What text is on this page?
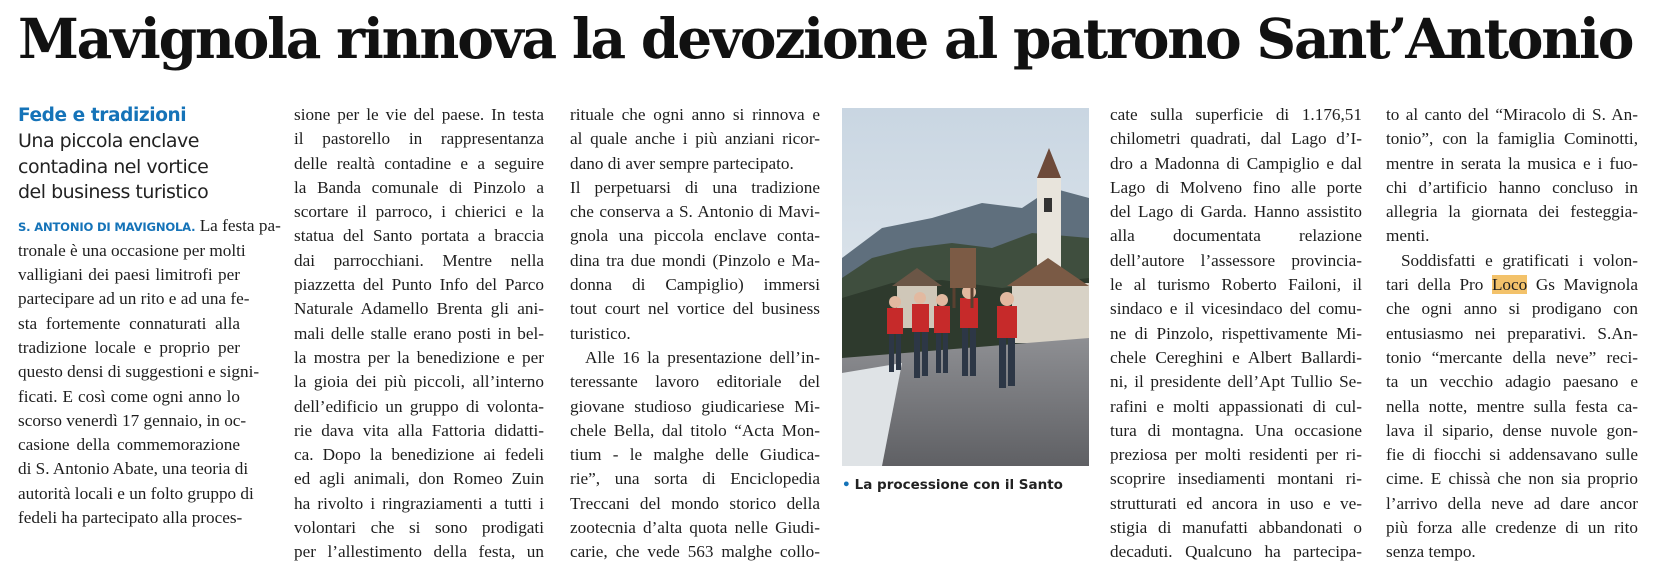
Mavignola rinnova la devozione al patrono Sant’Antonio
Fede e tradizioni
Una piccola enclave
contadina nel vortice
del business turistico

S. ANTONIO DI MAVIGNOLA. La festa pa-
tronale è una occasione per molti
valligiani dei paesi limitrofi per
partecipare ad un rito e ad una fe-
sta fortemente connaturati alla
tradizione locale e proprio per
questo densi di suggestioni e signi-
ficati. E così come ogni anno lo
scorso venerdì 17 gennaio, in oc-
casione della commemorazione
di S. Antonio Abate, una teoria di
autorità locali e un folto gruppo di
fedeli ha partecipato alla proces-

sione per le vie del paese. In testa
il pastorello in rappresentanza
delle realtà contadine e a seguire
la Banda comunale di Pinzolo a
scortare il parroco, i chierici e la
statua del Santo portata a braccia
dai parrocchiani. Mentre nella
piazzetta del Punto Info del Parco
Naturale Adamello Brenta gli ani-
mali delle stalle erano posti in bel-
la mostra per la benedizione e per
la gioia dei più piccoli, all’interno
dell’edificio un gruppo di volonta-
rie dava vita alla Fattoria didatti-
ca. Dopo la benedizione ai fedeli
ed agli animali, don Romeo Zuin
ha rivolto i ringraziamenti a tutti i
volontari che si sono prodigati
per l’allestimento della festa, un

rituale che ogni anno si rinnova e
al quale anche i più anziani ricor-
dano di aver sempre partecipato.
Il perpetuarsi di una tradizione
che conserva a S. Antonio di Mavi-
gnola una piccola enclave conta-
dina tra due mondi (Pinzolo e Ma-
donna di Campiglio) immersi
tout court nel vortice del business
turistico.

Alle 16 la presentazione dell’in-

teressante lavoro editoriale del
giovane studioso giudicariese Mi-
chele Bella, dal titolo “Acta Mon-
tium - le malghe delle Giudica-
rie”, una sorta di Enciclopedia
Treccani del mondo storico della
zootecnia d’alta quota nelle Giudi-
carie, che vede 563 malghe collo-

• La processione con il Santo

cate sulla superficie di 1.176,51
chilometri quadrati, dal Lago d’I-
dro a Madonna di Campiglio e dal
Lago di Molveno fino alle porte
del Lago di Garda. Hanno assistito
alla documentata relazione
dell’autore l’assessore provincia-
le al turismo Roberto Failoni, il
sindaco e il vicesindaco del comu-
ne di Pinzolo, rispettivamente Mi-
chele Cereghini e Albert Ballardi-
ni, il presidente dell’Apt Tullio Se-
rafini e molti appassionati di cul-
tura di montagna. Una occasione
preziosa per molti residenti per ri-
scoprire insediamenti montani ri-
strutturati ed ancora in uso e ve-
stigia di manufatti abbandonati o
decaduti. Qualcuno ha partecipa-

to al canto del “Miracolo di S. An-
tonio”, con la famiglia Cominotti,
mentre in serata la musica e i fuo-
chi d’artificio hanno concluso in
allegria la giornata dei festeggia-
menti.

Soddisfatti e gratificati i volon-
tari della Pro Loco Gs Mavignola
che ogni anno si prodigano con
entusiasmo nei preparativi. S.An-
tonio “mercante della neve” reci-
ta un vecchio adagio paesano e
nella notte, mentre sulla festa ca-
lava il sipario, dense nuvole gon-
fie di fiocchi si addensavano sulle
cime. E chissà che non sia proprio
l’arrivo della neve ad dare ancor
più forza alle credenze di un rito
senza tempo.
